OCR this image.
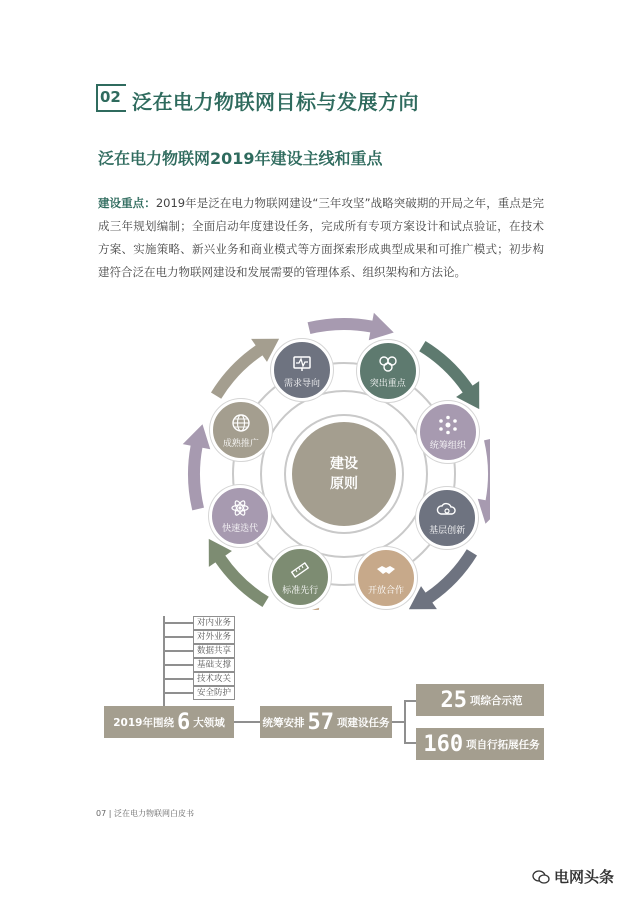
02 泛在电力物联网目标与发展方向
泛在电力物联网2019年建设主线和重点
建设重点：2019年是泛在电力物联网建设“三年攻坚”战略突破期的开局之年，重点是完成三年规划编制；全面启动年度建设任务，完成所有专项方案设计和试点验证，在技术方案、实施策略、新兴业务和商业模式等方面探索形成典型成果和可推广模式；初步构建符合泛在电力物联网建设和发展需要的管理体系、组织架构和方法论。
建设原则
需求导向	突出重点
统筹组织
基层创新
开放合作
标准先行
快速迭代
成熟推广
对内业务
对外业务
数据共享
基础支撑
技术攻关
安全防护
2019年围绕 6 大领域	统筹安排 57 项建设任务
25 项综合示范
160 项自行拓展任务
07 | 泛在电力物联网白皮书
电网头条
